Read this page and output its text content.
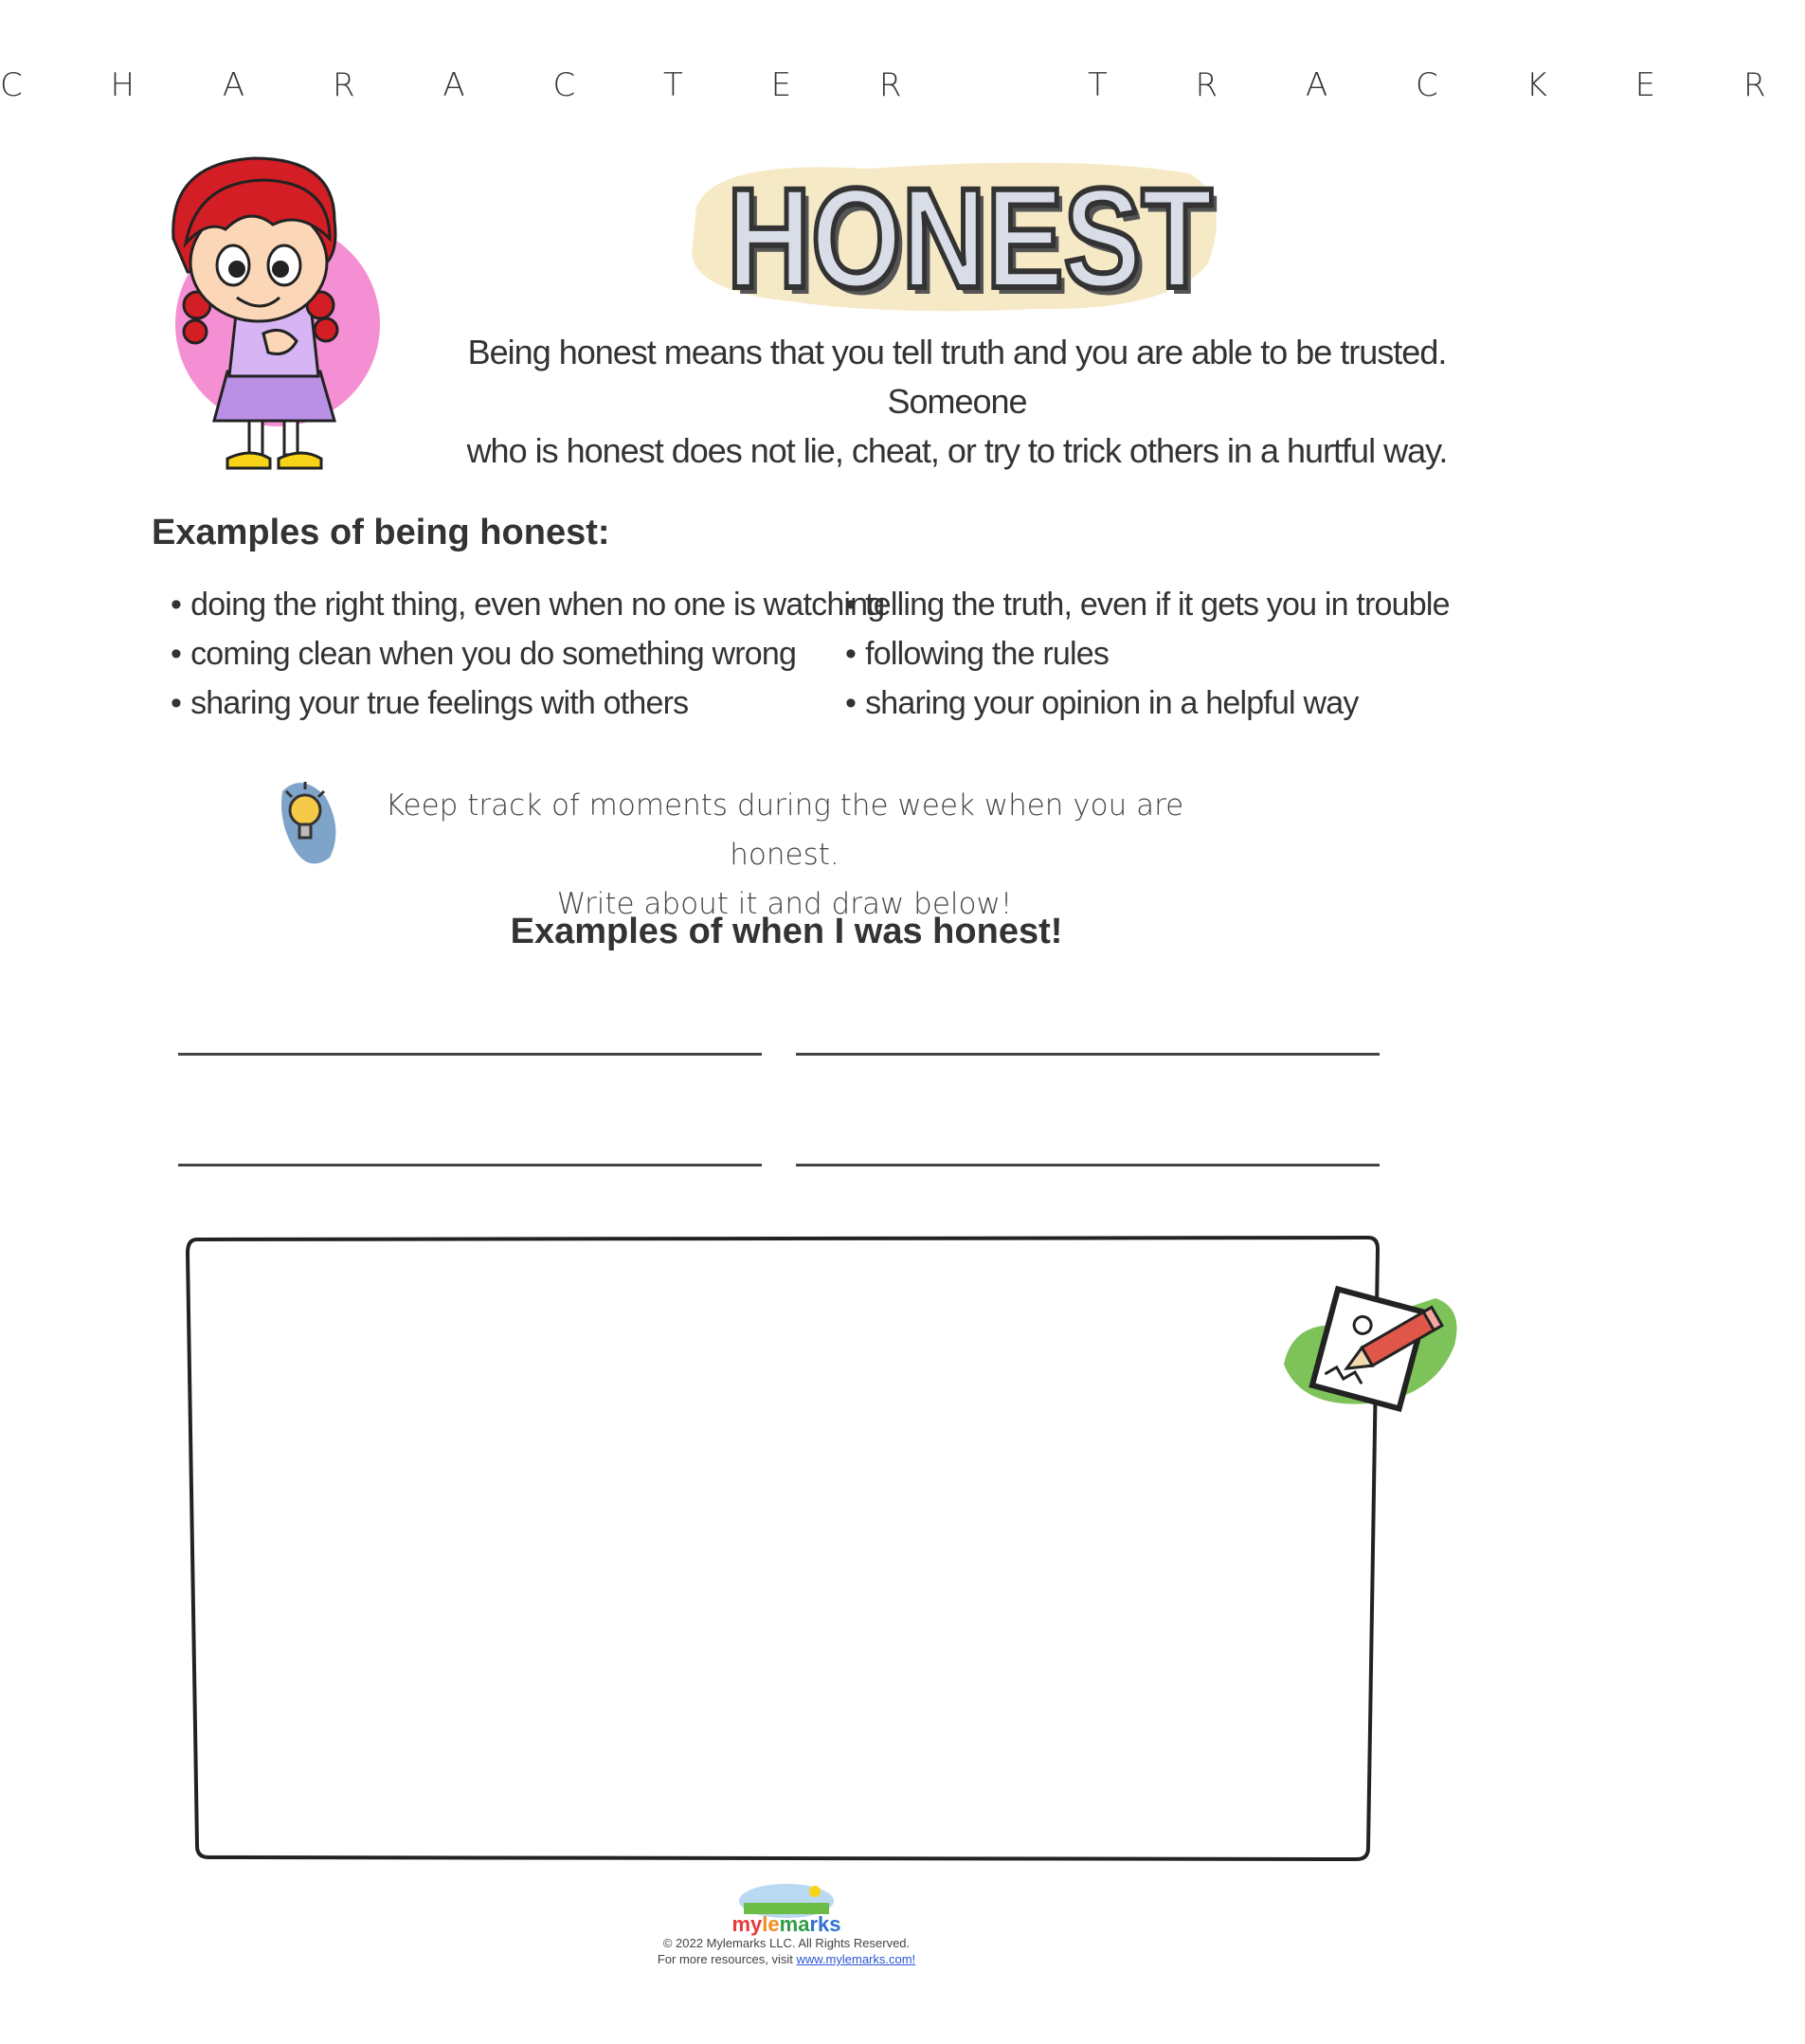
C H A R A C T E R   T R A C K E R
HONEST
Being honest means that you tell truth and you are able to be trusted. Someone
who is honest does not lie, cheat, or try to trick others in a hurtful way.
Examples of being honest:
• doing the right thing, even when no one is watching
• coming clean when you do something wrong
• sharing your true feelings with others
• telling the truth, even if it gets you in trouble
• following the rules
• sharing your opinion in a helpful way
Keep track of moments during the week when you are honest.
Write about it and draw below!
Examples of when I was honest!
mylemarks
© 2022 Mylemarks LLC. All Rights Reserved.
For more resources, visit www.mylemarks.com!
